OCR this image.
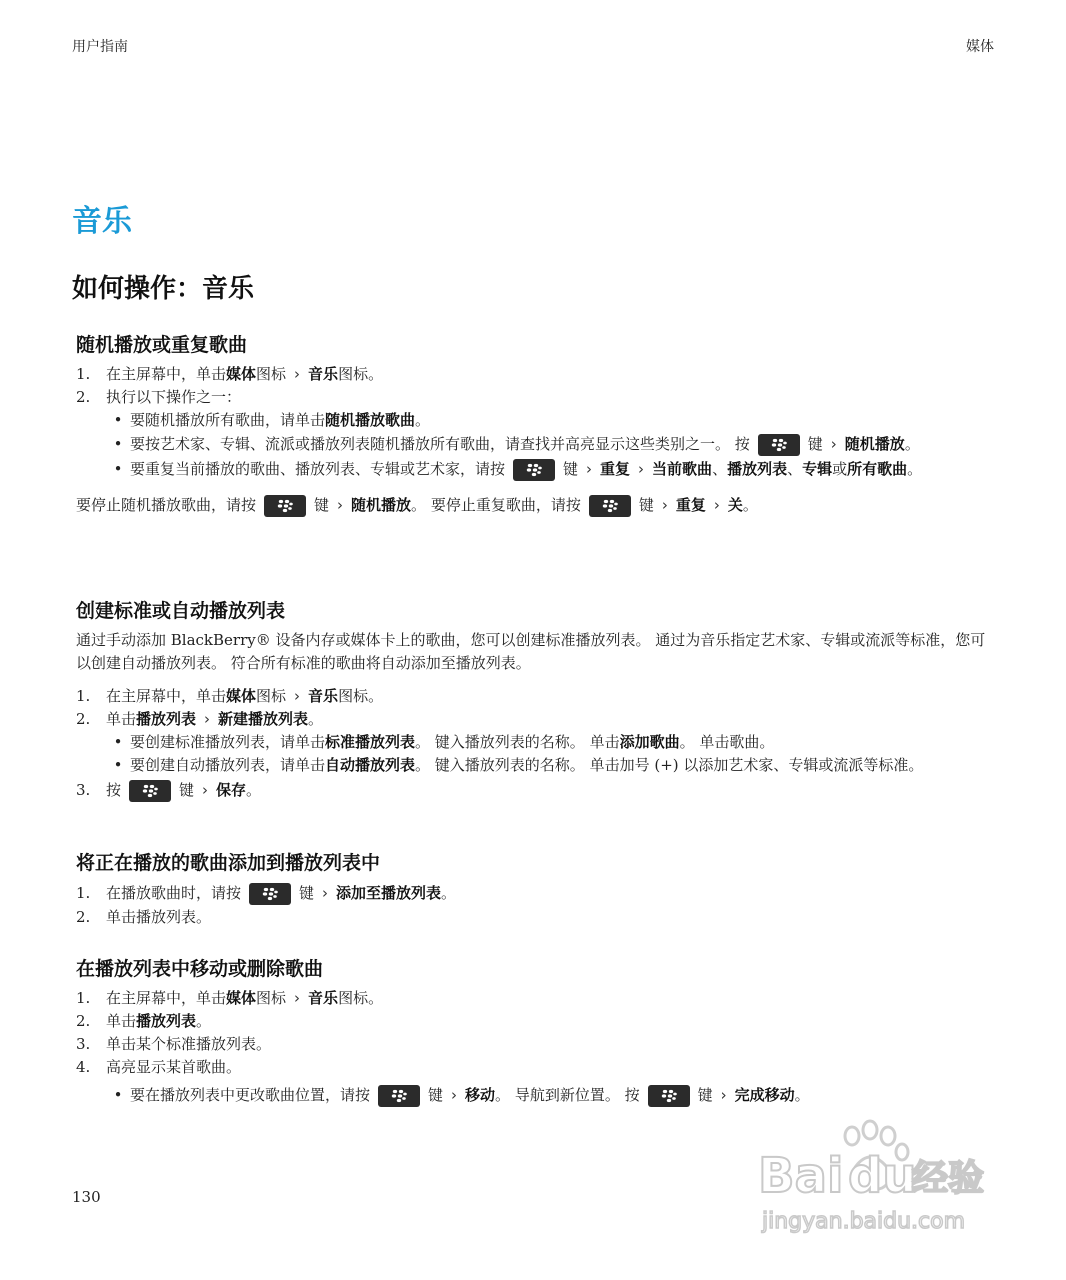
用户指南	媒体
音乐
如何操作：音乐
随机播放或重复歌曲
1.	在主屏幕中，单击媒体图标 › 音乐图标。
2.	执行以下操作之一：
• 要随机播放所有歌曲，请单击随机播放歌曲。
• 要按艺术家、专辑、流派或播放列表随机播放所有歌曲，请查找并高亮显示这些类别之一。 按	键 › 随机播放。
• 要重复当前播放的歌曲、播放列表、专辑或艺术家，请按	键 › 重复 › 当前歌曲、播放列表、专辑或所有歌曲。

要停止随机播放歌曲，请按	键 › 随机播放。 要停止重复歌曲，请按	键 › 重复 › 关。

创建标准或自动播放列表

通过手动添加 BlackBerry® 设备内存或媒体卡上的歌曲，您可以创建标准播放列表。 通过为音乐指定艺术家、专辑或流派等标准，您可以创建自动播放列表。 符合所有标准的歌曲将自动添加至播放列表。

1.	在主屏幕中，单击媒体图标 › 音乐图标。
2.	单击播放列表 › 新建播放列表。
• 要创建标准播放列表，请单击标准播放列表。 键入播放列表的名称。 单击添加歌曲。 单击歌曲。
• 要创建自动播放列表，请单击自动播放列表。 键入播放列表的名称。 单击加号 (+) 以添加艺术家、专辑或流派等标准。
3.	按	键 › 保存。
将正在播放的歌曲添加到播放列表中
1.	在播放歌曲时，请按	键 › 添加至播放列表。
2.	单击播放列表。
在播放列表中移动或删除歌曲
1.	在主屏幕中，单击媒体图标 › 音乐图标。
2.	单击播放列表。
3.	单击某个标准播放列表。
4.	高亮显示某首歌曲。
• 要在播放列表中更改歌曲位置，请按	键 › 移动。 导航到新位置。 按	键 › 完成移动。
130	Bai du
经验
jingyan.baidu.com
